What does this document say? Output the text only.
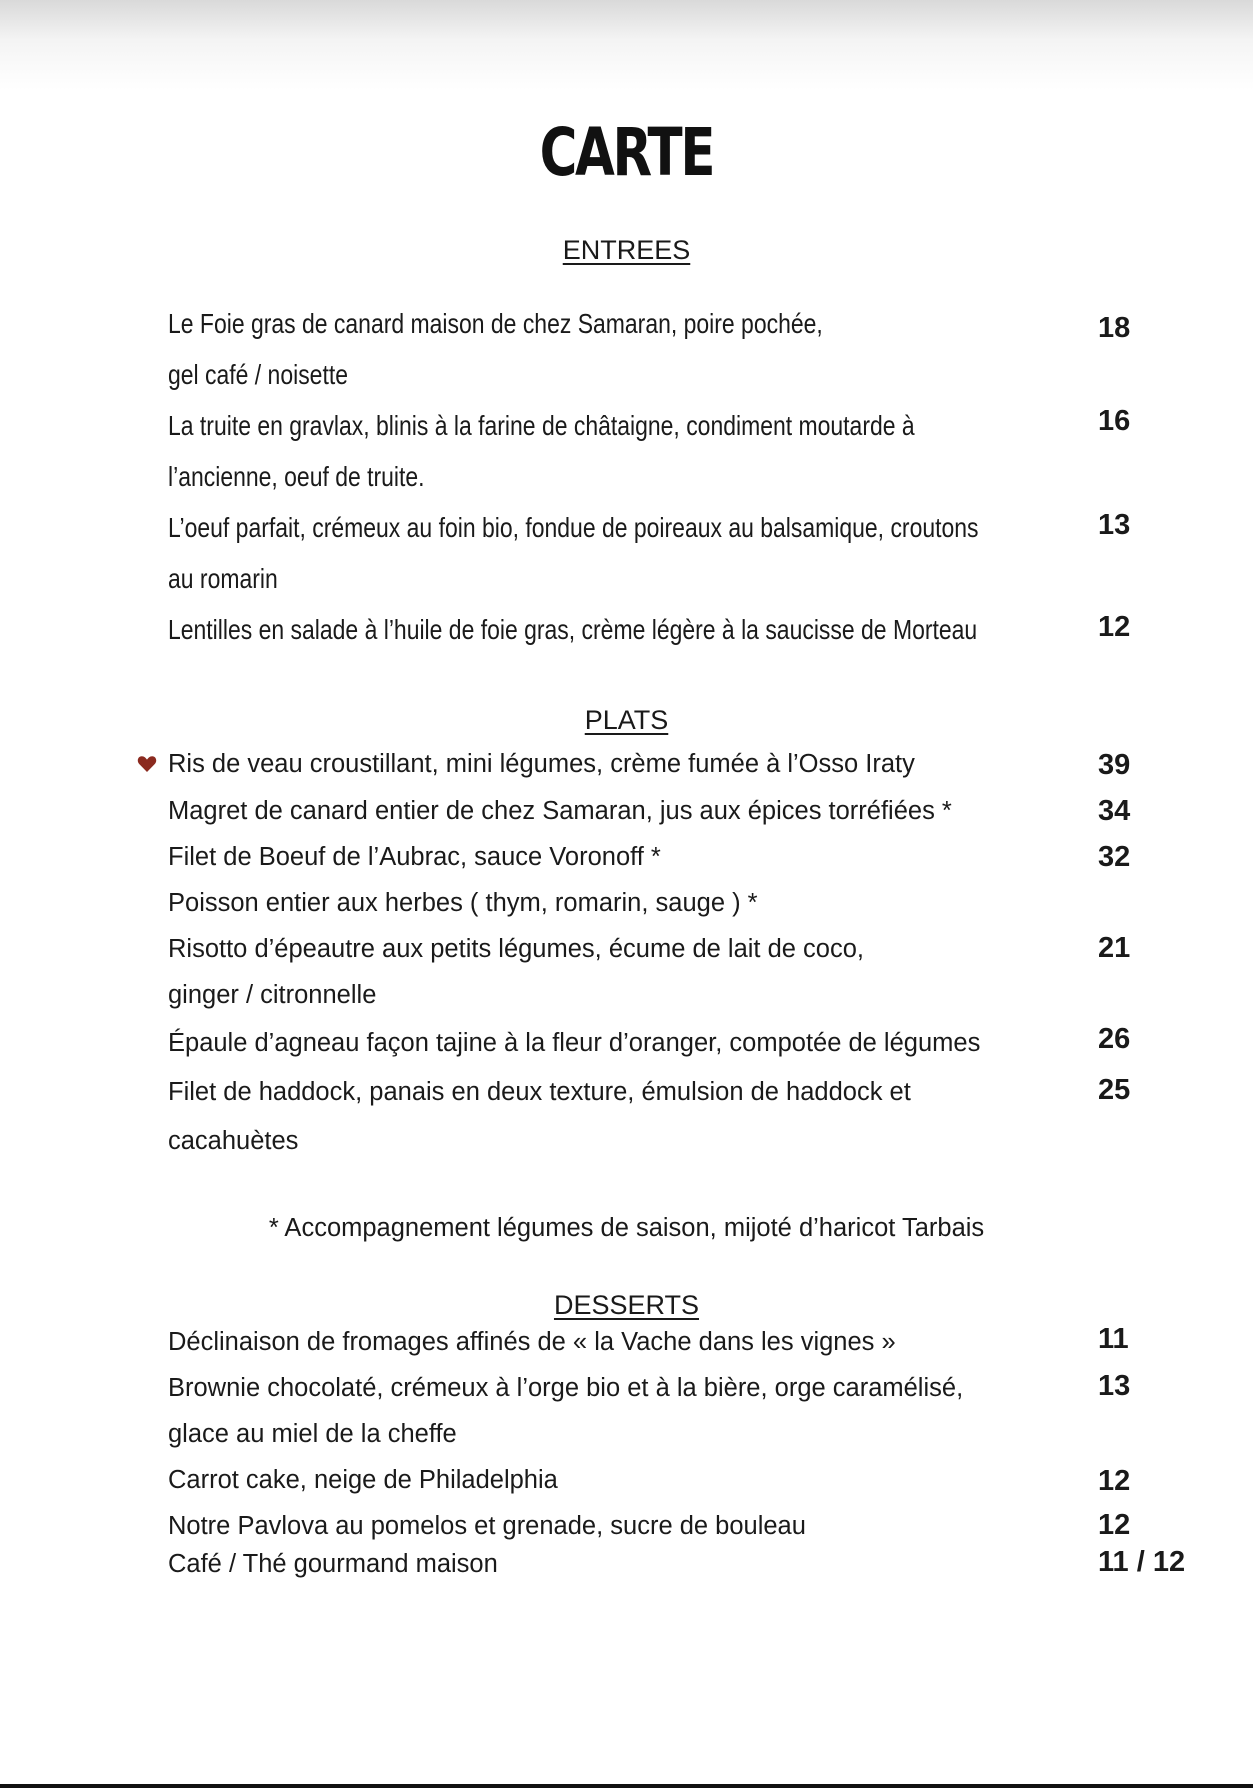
CARTE
ENTREES
Le Foie gras de canard maison de chez Samaran, poire pochée,
gel café / noisette
18
La truite en gravlax, blinis à la farine de châtaigne, condiment moutarde à
l’ancienne, oeuf de truite.
16
L’oeuf parfait, crémeux au foin bio, fondue de poireaux au balsamique, croutons
au romarin
13
Lentilles en salade à l’huile de foie gras, crème légère à la saucisse de Morteau	12
PLATS
Ris de veau croustillant, mini légumes, crème fumée à l’Osso Iraty	39
Magret de canard entier de chez Samaran, jus aux épices torréfiées *	34
Filet de Boeuf de l’Aubrac, sauce Voronoff *	32
Poisson entier aux herbes ( thym, romarin, sauge ) *
Risotto d’épeautre aux petits légumes, écume de lait de coco,
ginger / citronnelle
21
Épaule d’agneau façon tajine à la fleur d’oranger, compotée de légumes	26
Filet de haddock, panais en deux texture, émulsion de haddock et
cacahuètes
25
* Accompagnement légumes de saison, mijoté d’haricot Tarbais
DESSERTS
Déclinaison de fromages affinés de « la Vache dans les vignes »	11
Brownie chocolaté, crémeux à l’orge bio et à la bière, orge caramélisé,
glace au miel de la cheffe
13
Carrot cake, neige de Philadelphia	12
Notre Pavlova au pomelos et grenade, sucre de bouleau	12
Café / Thé gourmand maison	11 / 12
